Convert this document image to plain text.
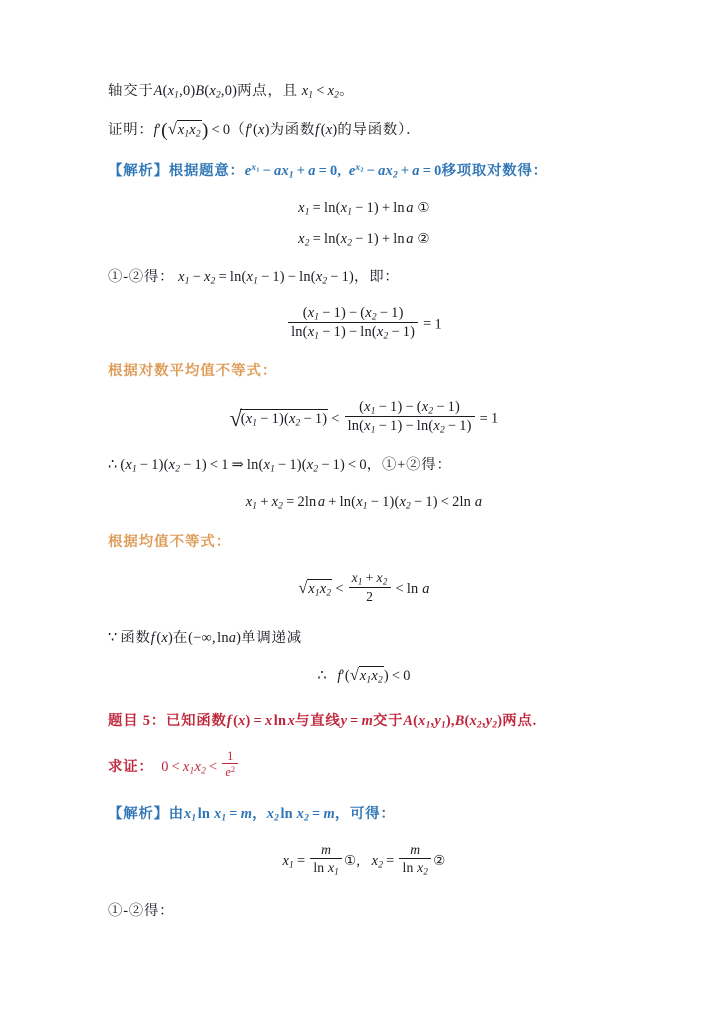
轴交于$A(x_1,0)B(x_2,0)$两点，且 $x_1 < x_2$。
证明：f′( √ $x_1x_2) < 0(f'(x)$为函数f (x)的导函数）．
【解析】根据题意：$e^{x_1} - ax_1 + a = 0$,  $e^{x_2} - ax_2 + a = 0$移项取对数得：
$x_1 = \ln(x_1 - 1) + \ln$ a ①
$x_2 = \ln(x_2 - 1) + \ln$ a ②
①-②得： $x_1 - x_2 = \ln(x_1 - 1) - \ln(x_2 - 1)$，即：
$\frac{(x_1 - 1) - (x_2 - 1)}{\ln(x_1 - 1) - \ln(x_2 - 1)} = 1$
根据对数平均值不等式：
√ $(x_1 - 1)(x_2 - 1) < \frac{(x_1 - 1) - (x_2 - 1)}{\ln(x_1 - 1) - \ln(x_2 - 1)} = 1$
∴ $(x_1 - 1)(x_2 - 1) < 1$ ⇒ $\ln(x_1 - 1)(x_2 - 1) < 0$，①+②得：
$x_1 + x_2 = 2\ln$ $a + \ln(x_1 - 1)(x_2 - 1) < 2\ln$ a
根据均值不等式：
√ $x_1x_2 < \frac{x_1 + x_2}{2} < \ln a$
∵ 函数f (x)在(−∞, lna)单调递减
∴ f′( √ $x_1x_2) < 0$
题目 5：已知函数f (x) = x ln x与直线y = m交于$A(x_1,y_1),B(x_2,y_2)$两点.
求证： $0 < x_1x_2 < \frac{1}{e^2}$
【解析】由$x_1$ $\ln x_1 = m$，$x_2$ $\ln x_2 = m$，可得：
$x_1 = \frac{m}{\ln x_1}$ ①,   $x_2 = \frac{m}{\ln x_2}$ ②
①-②得：
